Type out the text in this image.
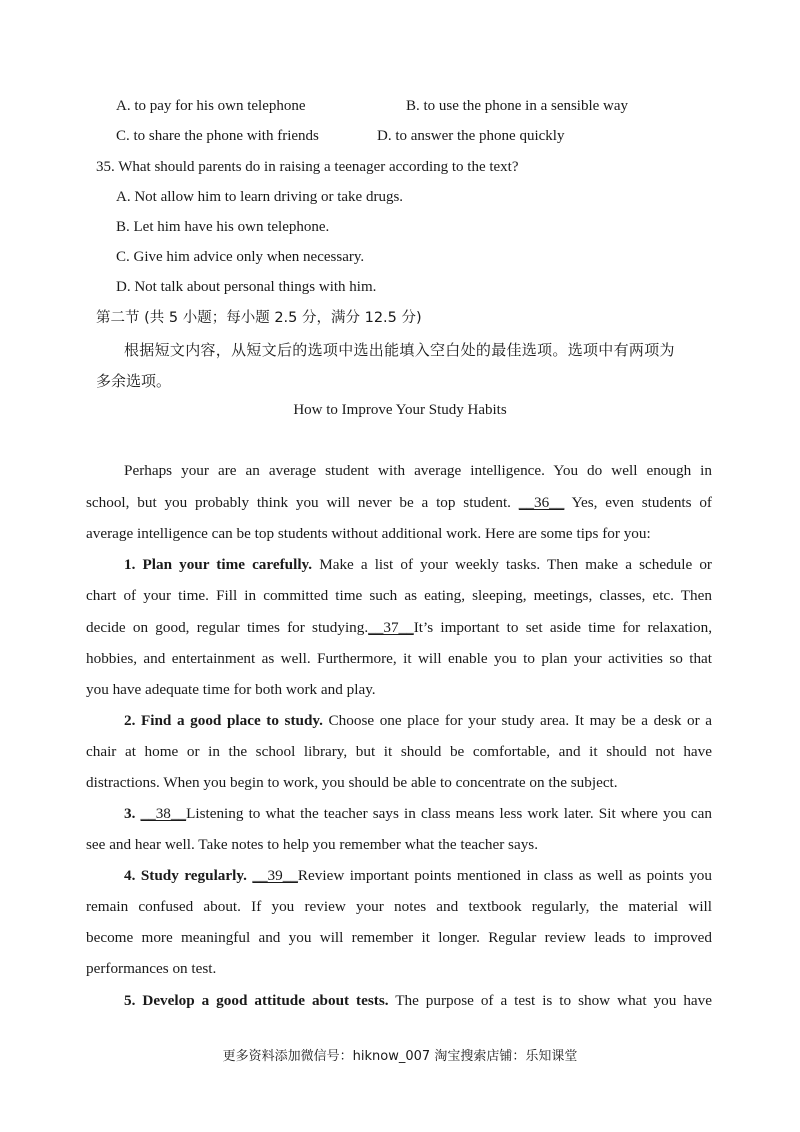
A. to pay for his own telephone	B. to use the phone in a sensible way
C. to share the phone with friends	D. to answer the phone quickly
35. What should parents do in raising a teenager according to the text?
A. Not allow him to learn driving or take drugs.
B. Let him have his own telephone.
C. Give him advice only when necessary.
D. Not talk about personal things with him.
第二节 (共 5 小题；每小题 2.5 分，满分 12.5 分)
根据短文内容，从短文后的选项中选出能填入空白处的最佳选项。选项中有两项为
多余选项。
How to Improve Your Study Habits
Perhaps your are an average student with average intelligence. You do well enough in
school, but you probably think you will never be a top student. __36__ Yes, even students of
average intelligence can be top students without additional work. Here are some tips for you:
1. Plan your time carefully. Make a list of your weekly tasks. Then make a schedule or
chart of your time. Fill in committed time such as eating, sleeping, meetings, classes, etc. Then
decide on good, regular times for studying.__37__It’s important to set aside time for relaxation,
hobbies, and entertainment as well. Furthermore, it will enable you to plan your activities so that
you have adequate time for both work and play.
2. Find a good place to study. Choose one place for your study area. It may be a desk or a
chair at home or in the school library, but it should be comfortable, and it should not have
distractions. When you begin to work, you should be able to concentrate on the subject.
3. __38__Listening to what the teacher says in class means less work later. Sit where you can
see and hear well. Take notes to help you remember what the teacher says.
4. Study regularly. __39__Review important points mentioned in class as well as points you
remain confused about. If you review your notes and textbook regularly, the material will
become more meaningful and you will remember it longer. Regular review leads to improved
performances on test.
5. Develop a good attitude about tests. The purpose of a test is to show what you have
更多资料添加微信号：hiknow_007 淘宝搜索店铺：乐知课堂
